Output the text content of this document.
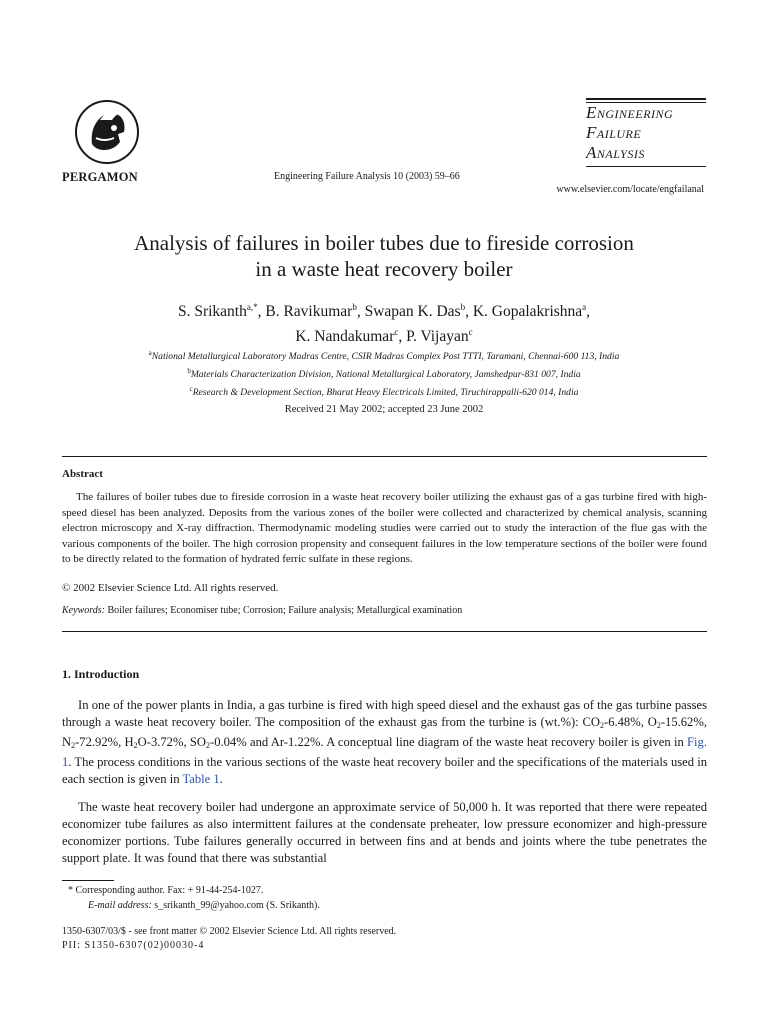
PERGAMON	Engineering Failure Analysis 10 (2003) 59–66
Engineering
Failure
Analysis
www.elsevier.com/locate/engfailanal
Analysis of failures in boiler tubes due to fireside corrosion
in a waste heat recovery boiler
S. Srikanth$^{a,*}$, B. Ravikumar$^b$, Swapan K. Das$^b$, K. Gopalakrishna$^a$,
K. Nandakumar$^c$, P. Vijayan$^c$
$^a$National Metallurgical Laboratory Madras Centre, CSIR Madras Complex Post TTTI, Taramani, Chennai-600 113, India
$^b$Materials Characterization Division, National Metallurgical Laboratory, Jamshedpur-831 007, India
$^c$Research & Development Section, Bharat Heavy Electricals Limited, Tiruchirappalli-620 014, India
Received 21 May 2002; accepted 23 June 2002
Abstract
The failures of boiler tubes due to fireside corrosion in a waste heat recovery boiler utilizing the exhaust gas of a gas turbine fired with high-speed diesel has been analyzed. Deposits from the various zones of the boiler were collected and characterized by chemical analysis, scanning electron microscopy and X-ray diffraction. Thermodynamic modeling studies were carried out to study the interaction of the flue gas with the various components of the boiler. The high corrosion propensity and consequent failures in the low temperature sections of the boiler were found to be directly related to the formation of hydrated ferric sulfate in these regions.
© 2002 Elsevier Science Ltd. All rights reserved.
Keywords: Boiler failures; Economiser tube; Corrosion; Failure analysis; Metallurgical examination
1. Introduction
In one of the power plants in India, a gas turbine is fired with high speed diesel and the exhaust gas of the gas turbine passes through a waste heat recovery boiler. The composition of the exhaust gas from the turbine is (wt.%): $CO_2-6.48\%$, $O_2-15.62\%$, $N_2-72.92\%$, $H_2O-3.72\%$, $SO_2-0.04\%$ and Ar-1.22%. A conceptual line diagram of the waste heat recovery boiler is given in Fig. 1. The process conditions in the various sections of the waste heat recovery boiler and the specifications of the materials used in each section is given in Table 1.
The waste heat recovery boiler had undergone an approximate service of 50,000 h. It was reported that there were repeated economizer tube failures as also intermittent failures at the condensate preheater, low pressure economizer and high-pressure economizer portions. Tube failures generally occurred in between fins and at bends and joints where the tube penetrates the support plate. It was found that there was substantial
* Corresponding author. Fax: + 91-44-254-1027.
E-mail address: s_srikanth_99@yahoo.com (S. Srikanth).
1350-6307/03/$ - see front matter © 2002 Elsevier Science Ltd. All rights reserved.
PII: S1350-6307(02)00030-4
